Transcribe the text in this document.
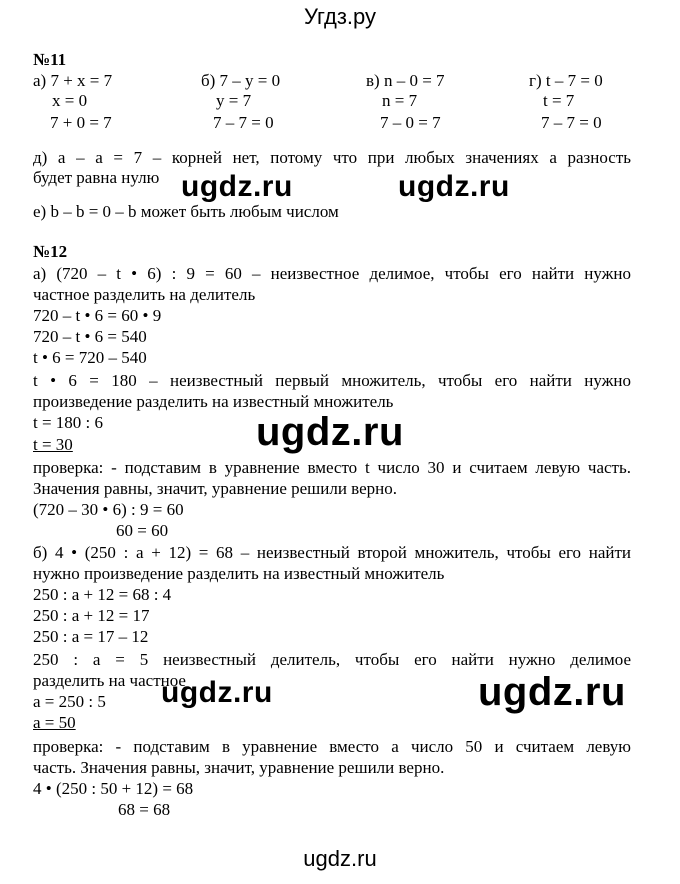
Угдз.ру
№11
а) 7 + x = 7
x = 0
7 + 0 = 7
б) 7 – y = 0
y = 7
7 – 7 = 0
в) n – 0 = 7
n = 7
7 – 0 = 7
г) t – 7 = 0
t = 7
7 – 7 = 0
д) a – a = 7 – корней нет, потому что при любых значениях a разность
будет равна нулю
е) b – b = 0 – b может быть любым числом
№12
а) (720 – t • 6) : 9 = 60 – неизвестное делимое, чтобы его найти нужно
частное разделить на делитель
720 – t • 6 = 60 • 9
720 – t • 6 = 540
t • 6 = 720 – 540
t • 6 = 180 – неизвестный первый множитель, чтобы его найти нужно
произведение разделить на известный множитель
t = 180 : 6
t = 30
проверка: - подставим в уравнение вместо t число 30 и считаем левую часть.
Значения равны, значит, уравнение решили верно.
(720 – 30 • 6) : 9 = 60
60 = 60
б) 4 • (250 : a + 12) = 68 – неизвестный второй множитель, чтобы его найти
нужно произведение разделить на известный множитель
250 : a + 12 = 68 : 4
250 : a + 12 = 17
250 : a = 17 – 12
250 : a = 5 неизвестный делитель, чтобы его найти нужно делимое
разделить на частное
a = 250 : 5
a = 50
проверка: - подставим в уравнение вместо a число 50 и считаем левую
часть. Значения равны, значит, уравнение решили верно.
4 • (250 : 50 + 12) = 68
68 = 68
ugdz.ru	ugdz.ru
ugdz.ru
ugdz.ru	ugdz.ru
ugdz.ru
